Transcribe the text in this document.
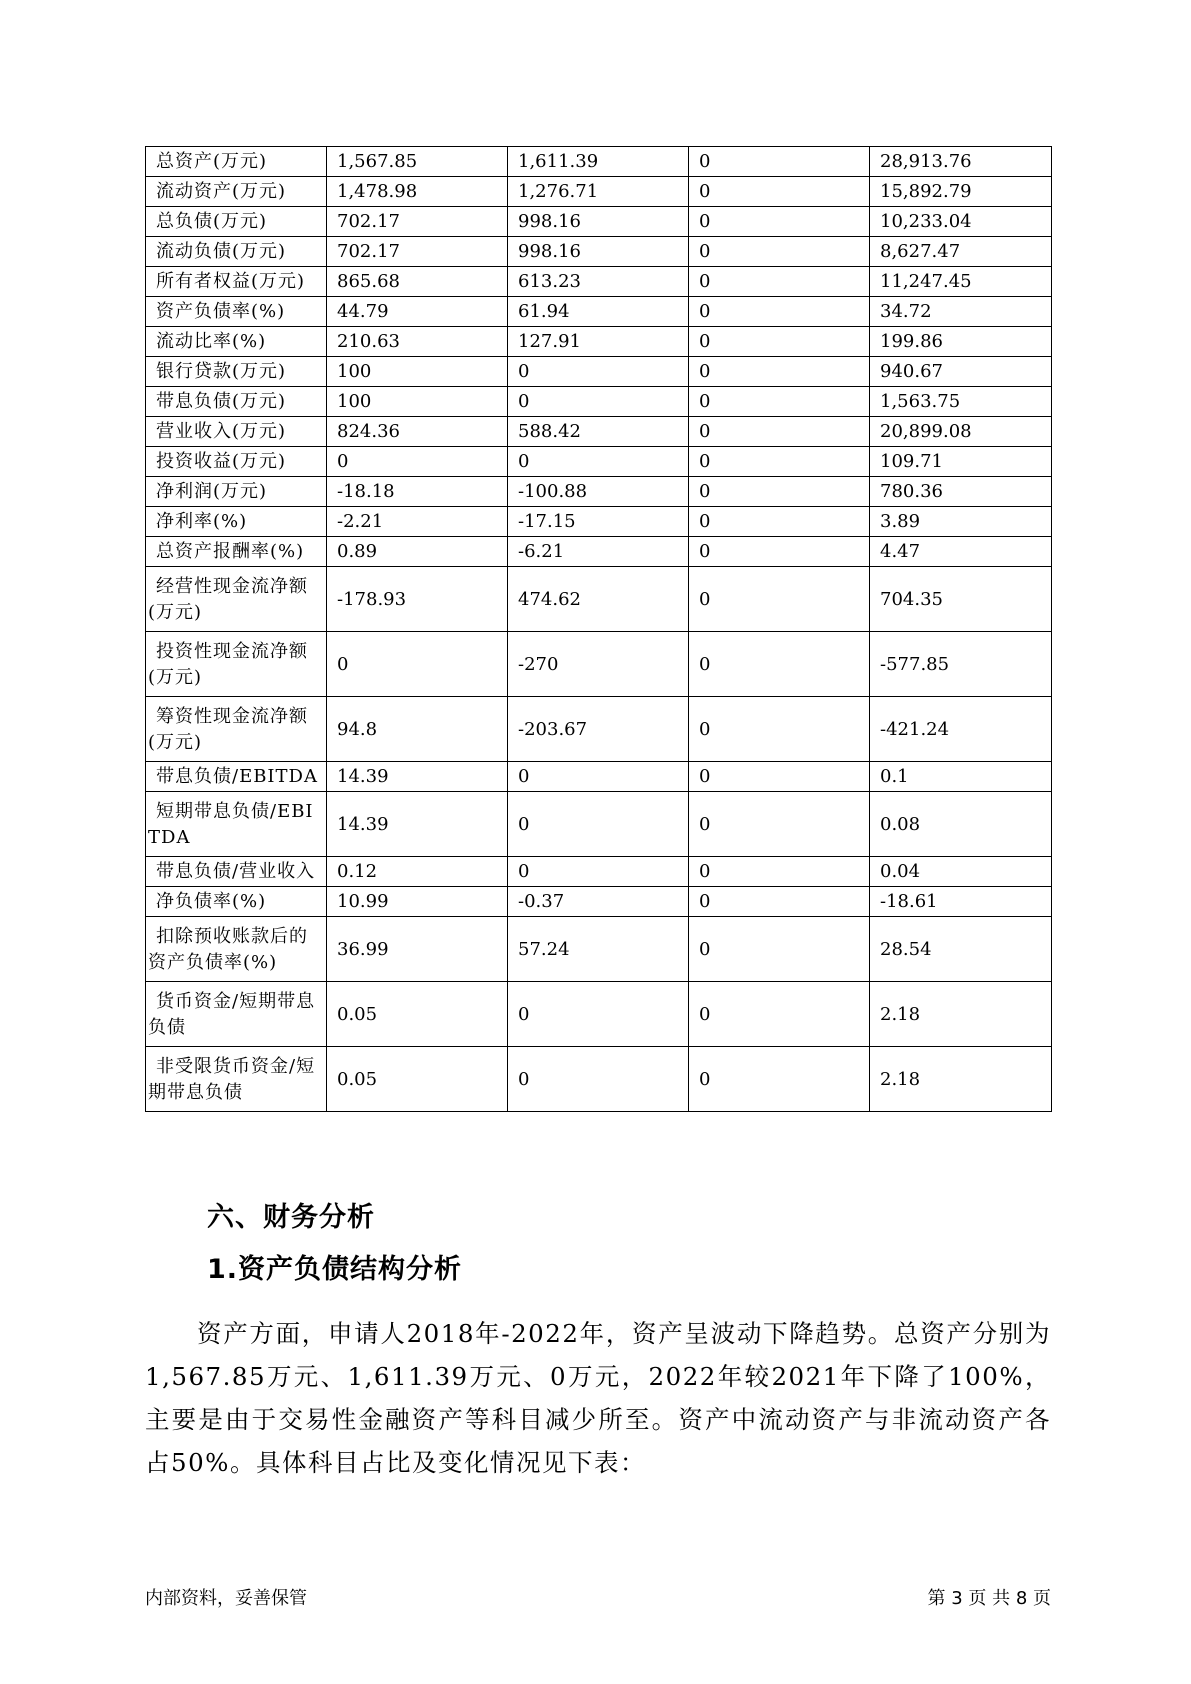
总资产(万元)	1,567.85	1,611.39	0	28,913.76
流动资产(万元)	1,478.98	1,276.71	0	15,892.79
总负债(万元)	702.17	998.16	0	10,233.04
流动负债(万元)	702.17	998.16	0	8,627.47
所有者权益(万元)	865.68	613.23	0	11,247.45
资产负债率(%)	44.79	61.94	0	34.72
流动比率(%)	210.63	127.91	0	199.86
银行贷款(万元)	100	0	0	940.67
带息负债(万元)	100	0	0	1,563.75
营业收入(万元)	824.36	588.42	0	20,899.08
投资收益(万元)	0	0	0	109.71
净利润(万元)	-18.18	-100.88	0	780.36
净利率(%)	-2.21	-17.15	0	3.89
总资产报酬率(%)	0.89	-6.21	0	4.47
经营性现金流净额(万元)	-178.93	474.62	0	704.35
投资性现金流净额(万元)	0	-270	0	-577.85
筹资性现金流净额(万元)	94.8	-203.67	0	-421.24
带息负债/EBITDA	14.39	0	0	0.1
短期带息负债/EBITDA	14.39	0	0	0.08
带息负债/营业收入	0.12	0	0	0.04
净负债率(%)	10.99	-0.37	0	-18.61
扣除预收账款后的资产负债率(%)	36.99	57.24	0	28.54
货币资金/短期带息负债	0.05	0	0	2.18
非受限货币资金/短期带息负债	0.05	0	0	2.18
六、财务分析
1.资产负债结构分析
资产方面，申请人2018年-2022年，资产呈波动下降趋势。总资产分别为1,567.85万元、1,611.39万元、0万元，2022年较2021年下降了100%，主要是由于交易性金融资产等科目减少所至。资产中流动资产与非流动资产各占50%。具体科目占比及变化情况见下表：
内部资料，妥善保管	第 3 页 共 8 页
